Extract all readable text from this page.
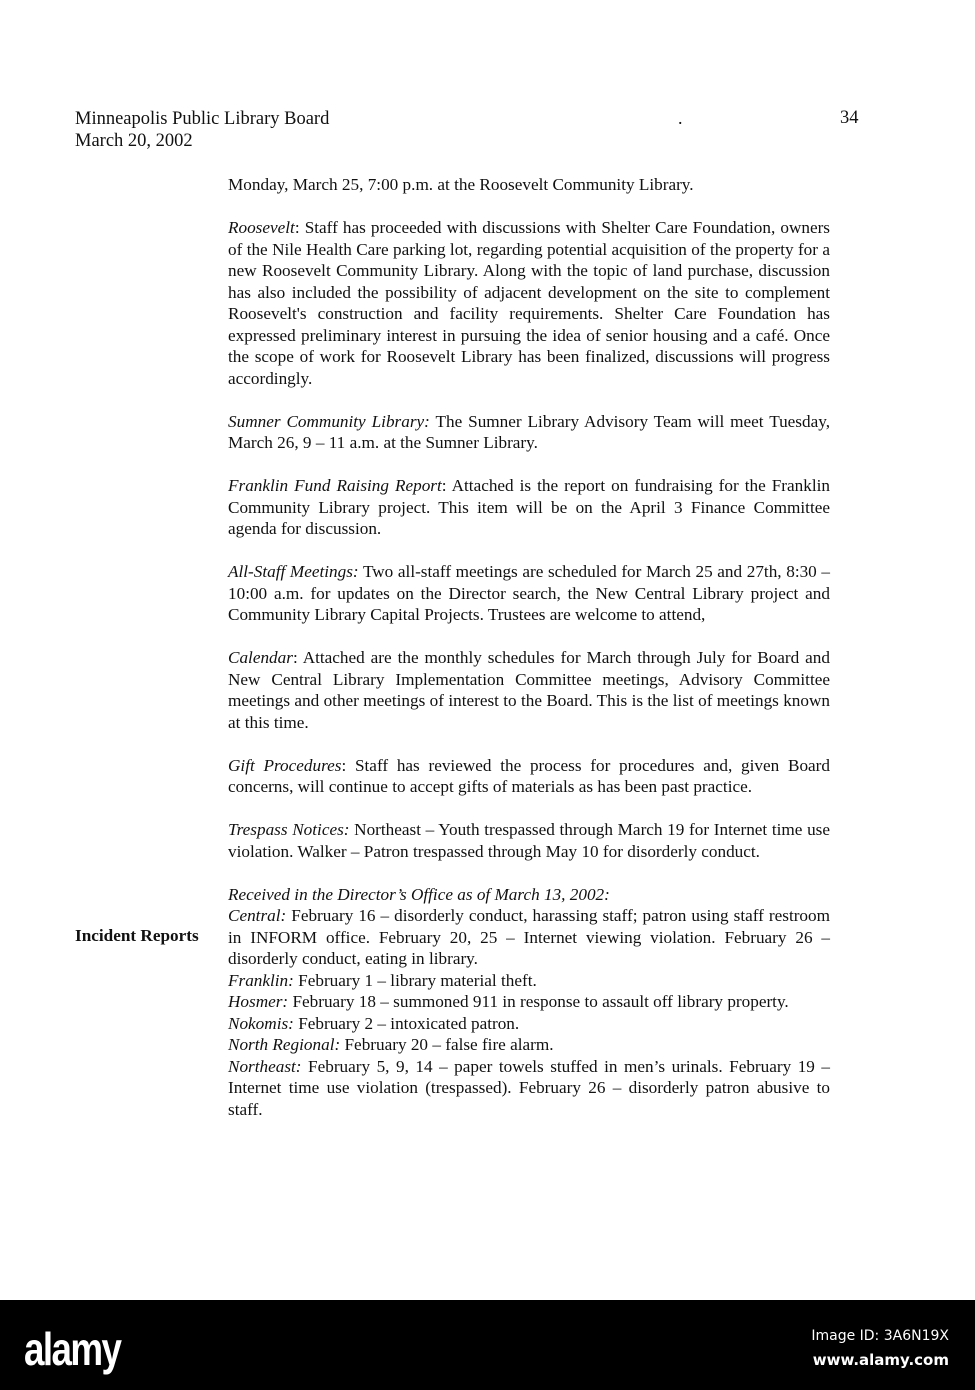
Minneapolis Public Library Board
March 20, 2002
.	34

Monday, March 25, 7:00 p.m. at the Roosevelt Community Library.

Roosevelt: Staff has proceeded with discussions with Shelter Care Foundation, owners of the Nile Health Care parking lot, regarding potential acquisition of the property for a new Roosevelt Community Library. Along with the topic of land purchase, discussion has also included the possibility of adjacent development on the site to complement Roosevelt's construction and facility requirements. Shelter Care Foundation has expressed preliminary interest in pursuing the idea of senior housing and a café. Once the scope of work for Roosevelt Library has been finalized, discussions will progress accordingly.

Sumner Community Library: The Sumner Library Advisory Team will meet Tuesday, March 26, 9 – 11 a.m. at the Sumner Library.

Franklin Fund Raising Report: Attached is the report on fundraising for the Franklin Community Library project. This item will be on the April 3 Finance Committee agenda for discussion.

All-Staff Meetings: Two all-staff meetings are scheduled for March 25 and 27th, 8:30 – 10:00 a.m. for updates on the Director search, the New Central Library project and Community Library Capital Projects. Trustees are welcome to attend,

Calendar: Attached are the monthly schedules for March through July for Board and New Central Library Implementation Committee meetings, Advisory Committee meetings and other meetings of interest to the Board. This is the list of meetings known at this time.

Gift Procedures: Staff has reviewed the process for procedures and, given Board concerns, will continue to accept gifts of materials as has been past practice.

Trespass Notices: Northeast – Youth trespassed through March 19 for Internet time use violation. Walker – Patron trespassed through May 10 for disorderly conduct.

Received in the Director’s Office as of March 13, 2002:

Central: February 16 – disorderly conduct, harassing staff; patron using staff restroom in INFORM office. February 20, 25 – Internet viewing violation. February 26 – disorderly conduct, eating in library.

Franklin: February 1 – library material theft.

Hosmer: February 18 – summoned 911 in response to assault off library property.

Nokomis: February 2 – intoxicated patron.

North Regional: February 20 – false fire alarm.

Northeast: February 5, 9, 14 – paper towels stuffed in men’s urinals. February 19 – Internet time use violation (trespassed). February 26 – disorderly patron abusive to staff.

Incident Reports
alamy	Image ID: 3A6N19X
www.alamy.com
